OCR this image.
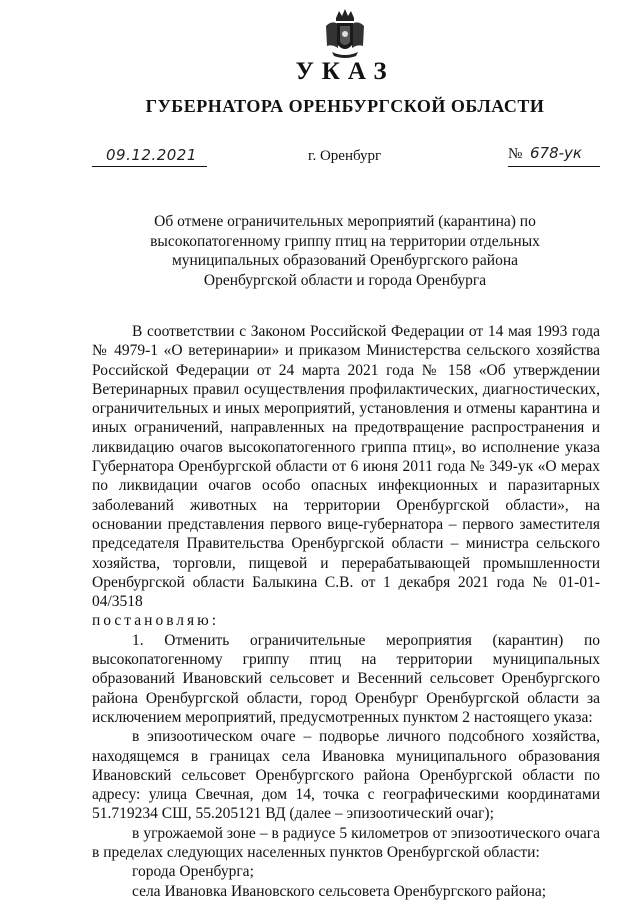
УКАЗ
ГУБЕРНАТОРА ОРЕНБУРГСКОЙ ОБЛАСТИ
09.12.2021	г. Оренбург	№ 678-ук
Об отмене ограничительных мероприятий (карантина) по высокопатогенному гриппу птиц на территории отдельных муниципальных образований Оренбургского района Оренбургской области и города Оренбурга

В соответствии с Законом Российской Федерации от 14 мая 1993 года № 4979-1 «О ветеринарии» и приказом Министерства сельского хозяйства Российской Федерации от 24 марта 2021 года № 158 «Об утверждении Ветеринарных правил осуществления профилактических, диагностических, ограничительных и иных мероприятий, установления и отмены карантина и иных ограничений, направленных на предотвращение распространения и ликвидацию очагов высокопатогенного гриппа птиц», во исполнение указа Губернатора Оренбургской области от 6 июня 2011 года № 349-ук «О мерах по ликвидации очагов особо опасных инфекционных и паразитарных заболеваний животных на территории Оренбургской области», на основании представления первого вице-губернатора – первого заместителя председателя Правительства Оренбургской области – министра сельского хозяйства, торговли, пищевой и перерабатывающей промышленности Оренбургской области Балыкина С.В. от 1 декабря 2021 года № 01-01-04/3518

постановляю:

1. Отменить ограничительные мероприятия (карантин) по высокопатогенному гриппу птиц на территории муниципальных образований Ивановский сельсовет и Весенний сельсовет Оренбургского района Оренбургской области, город Оренбург Оренбургской области за исключением мероприятий, предусмотренных пунктом 2 настоящего указа:

в эпизоотическом очаге – подворье личного подсобного хозяйства, находящемся в границах села Ивановка муниципального образования Ивановский сельсовет Оренбургского района Оренбургской области по адресу: улица Свечная, дом 14, точка с географическими координатами 51.719234 СШ, 55.205121 ВД (далее – эпизоотический очаг);

в угрожаемой зоне – в радиусе 5 километров от эпизоотического очага в пределах следующих населенных пунктов Оренбургской области:

города Оренбурга;

села Ивановка Ивановского сельсовета Оренбургского района;
